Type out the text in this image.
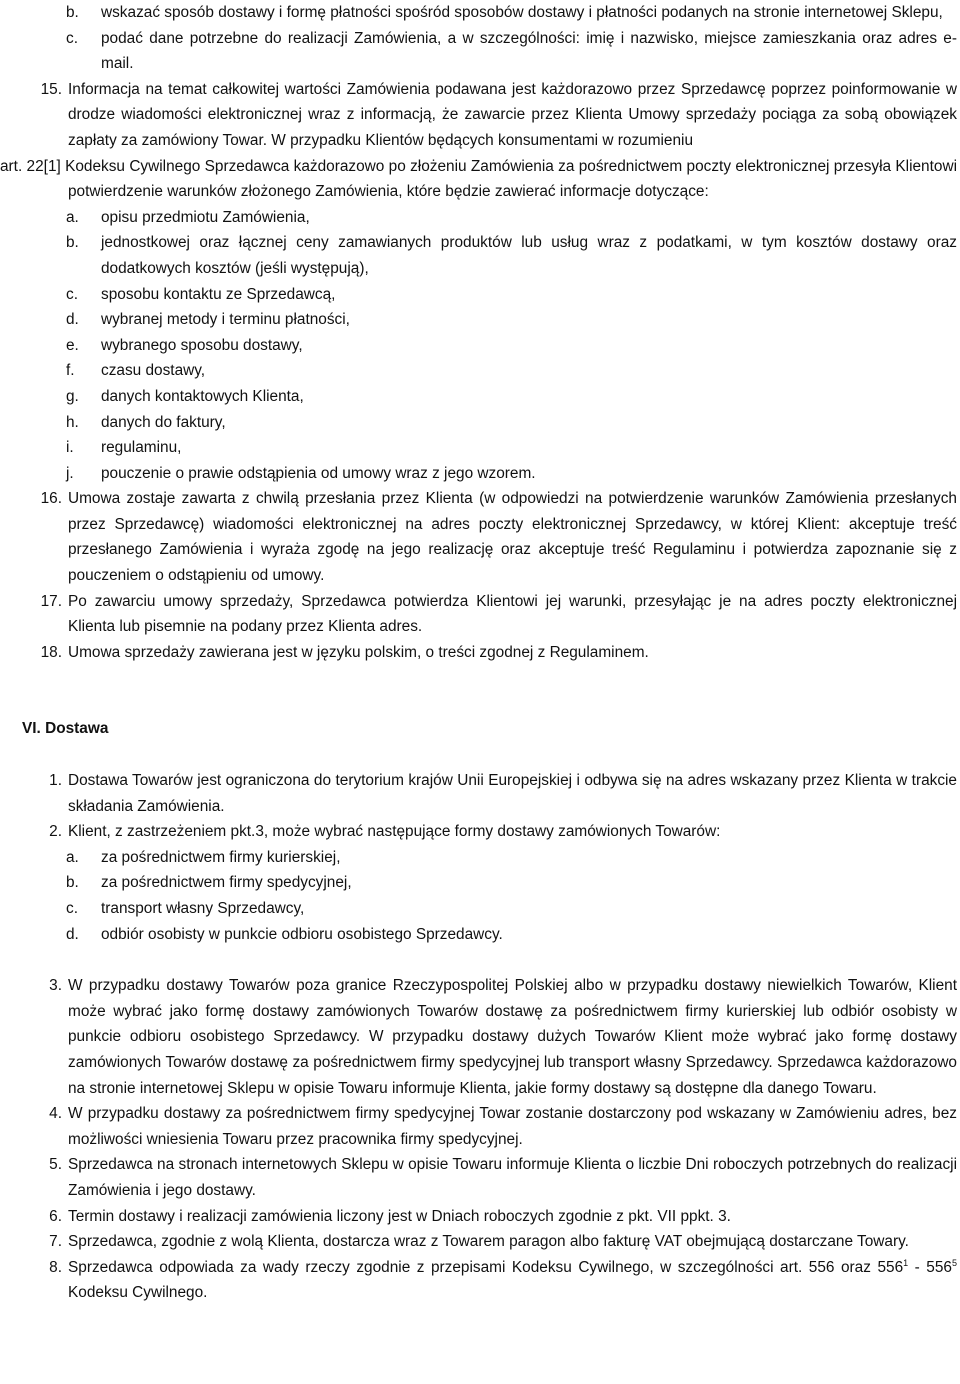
b. wskazać sposób dostawy i formę płatności spośród sposobów dostawy i płatności podanych na stronie internetowej Sklepu,
c. podać dane potrzebne do realizacji Zamówienia, a w szczególności: imię i nazwisko, miejsce zamieszkania oraz adres e-mail.
15. Informacja na temat całkowitej wartości Zamówienia podawana jest każdorazowo przez Sprzedawcę poprzez poinformowanie w drodze wiadomości elektronicznej wraz z informacją, że zawarcie przez Klienta Umowy sprzedaży pociąga za sobą obowiązek zapłaty za zamówiony Towar. W przypadku Klientów będących konsumentami w rozumieniu
art. 22[1] Kodeksu Cywilnego Sprzedawca każdorazowo po złożeniu Zamówienia za pośrednictwem poczty elektronicznej przesyła Klientowi potwierdzenie warunków złożonego Zamówienia, które będzie zawierać informacje dotyczące:
a. opisu przedmiotu Zamówienia,
b. jednostkowej oraz łącznej ceny zamawianych produktów lub usług wraz z podatkami, w tym kosztów dostawy oraz dodatkowych kosztów (jeśli występują),
c. sposobu kontaktu ze Sprzedawcą,
d. wybranej metody i terminu płatności,
e. wybranego sposobu dostawy,
f. czasu dostawy,
g. danych kontaktowych Klienta,
h. danych do faktury,
i. regulaminu,
j. pouczenie o prawie odstąpienia od umowy wraz z jego wzorem.
16. Umowa zostaje zawarta z chwilą przesłania przez Klienta (w odpowiedzi na potwierdzenie warunków Zamówienia przesłanych przez Sprzedawcę) wiadomości elektronicznej na adres poczty elektronicznej Sprzedawcy, w której Klient: akceptuje treść przesłanego Zamówienia i wyraża zgodę na jego realizację oraz akceptuje treść Regulaminu i potwierdza zapoznanie się z pouczeniem o odstąpieniu od umowy.
17. Po zawarciu umowy sprzedaży, Sprzedawca potwierdza Klientowi jej warunki, przesyłając je na adres poczty elektronicznej Klienta lub pisemnie na podany przez Klienta adres.
18. Umowa sprzedaży zawierana jest w języku polskim, o treści zgodnej z Regulaminem.
VI. Dostawa
1. Dostawa Towarów jest ograniczona do terytorium krajów Unii Europejskiej i odbywa się na adres wskazany przez Klienta w trakcie składania Zamówienia.
2. Klient, z zastrzeżeniem pkt.3, może wybrać następujące formy dostawy zamówionych Towarów:
a. za pośrednictwem firmy kurierskiej,
b. za pośrednictwem firmy spedycyjnej,
c. transport własny Sprzedawcy,
d. odbiór osobisty w punkcie odbioru osobistego Sprzedawcy.
3. W przypadku dostawy Towarów poza granice Rzeczypospolitej Polskiej albo w przypadku dostawy niewielkich Towarów, Klient może wybrać jako formę dostawy zamówionych Towarów dostawę za pośrednictwem firmy kurierskiej lub odbiór osobisty w punkcie odbioru osobistego Sprzedawcy. W przypadku dostawy dużych Towarów Klient może wybrać jako formę dostawy zamówionych Towarów dostawę za pośrednictwem firmy spedycyjnej lub transport własny Sprzedawcy. Sprzedawca każdorazowo na stronie internetowej Sklepu w opisie Towaru informuje Klienta, jakie formy dostawy są dostępne dla danego Towaru.
4. W przypadku dostawy za pośrednictwem firmy spedycyjnej Towar zostanie dostarczony pod wskazany w Zamówieniu adres, bez możliwości wniesienia Towaru przez pracownika firmy spedycyjnej.
5. Sprzedawca na stronach internetowych Sklepu w opisie Towaru informuje Klienta o liczbie Dni roboczych potrzebnych do realizacji Zamówienia i jego dostawy.
6. Termin dostawy i realizacji zamówienia liczony jest w Dniach roboczych zgodnie z pkt. VII ppkt. 3.
7. Sprzedawca, zgodnie z wolą Klienta, dostarcza wraz z Towarem paragon albo fakturę VAT obejmującą dostarczane Towary.
8. Sprzedawca odpowiada za wady rzeczy zgodnie z przepisami Kodeksu Cywilnego, w szczególności art. 556 oraz $556^1 - 556^5$ Kodeksu Cywilnego.
